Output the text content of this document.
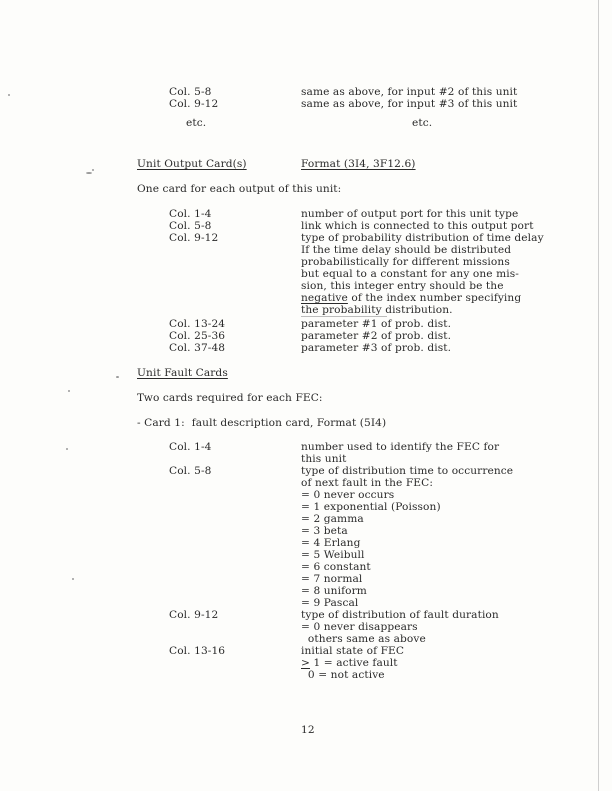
Col. 5-8	same as above, for input #2 of this unit
Col. 9-12	same as above, for input #3 of this unit
etc.	etc.
Unit Output Card(s)	Format (3I4, 3F12.6)
One card for each output of this unit:
Col. 1-4	number of output port for this unit type
Col. 5-8	link which is connected to this output port
Col. 9-12	type of probability distribution of time delay
If the time delay should be distributed
probabilistically for different missions
but equal to a constant for any one mis-
sion, this integer entry should be the
negative of the index number specifying
the probability distribution.
Col. 13-24	parameter #1 of prob. dist.
Col. 25-36	parameter #2 of prob. dist.
Col. 37-48	parameter #3 of prob. dist.
Unit Fault Cards
Two cards required for each FEC:
- Card 1:  fault description card, Format (5I4)
Col. 1-4	number used to identify the FEC for
this unit
Col. 5-8	type of distribution time to occurrence
of next fault in the FEC:
= 0 never occurs
= 1 exponential (Poisson)
= 2 gamma
= 3 beta
= 4 Erlang
= 5 Weibull
= 6 constant
= 7 normal
= 8 uniform
= 9 Pascal
Col. 9-12	type of distribution of fault duration
= 0 never disappears
others same as above
Col. 13-16	initial state of FEC
≥ 1 = active fault
0 = not active
12
